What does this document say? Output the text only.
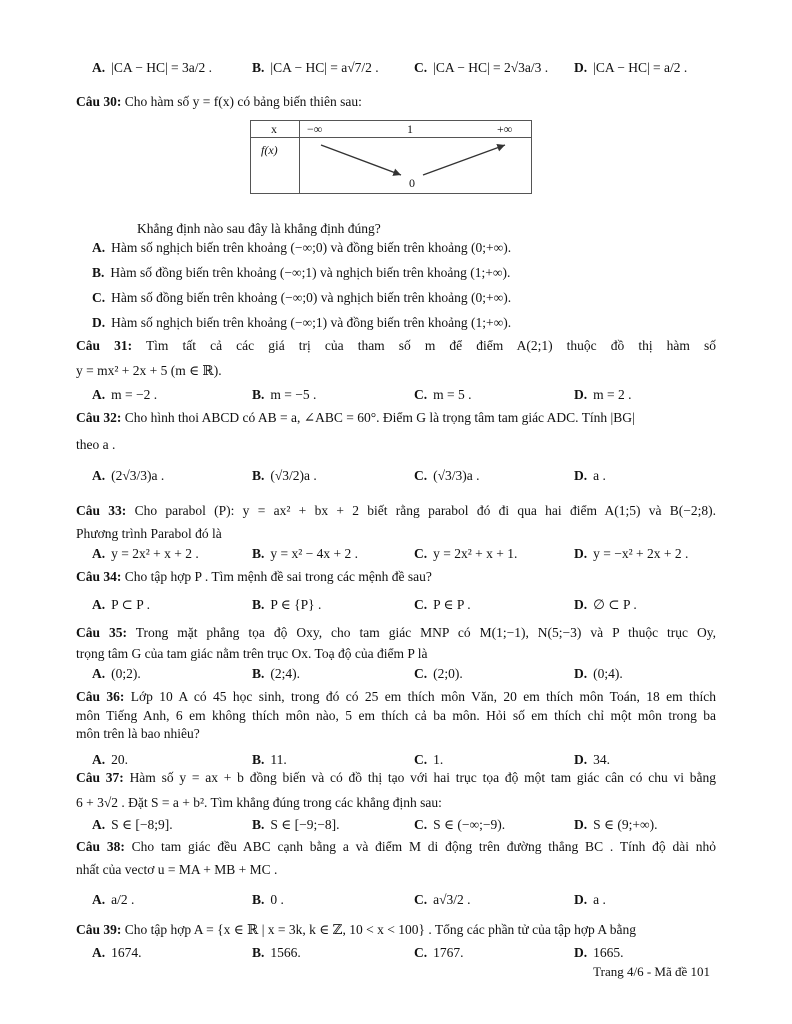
A. |CA − HC| = 3a/2 .	B. |CA − HC| = a√7/2 .	C. |CA − HC| = 2√3a/3 . D. |CA − HC| = a/2 .
Câu 30: Cho hàm số y = f(x) có bảng biến thiên sau:
x	−∞	1	+∞
f(x)
0
Khẳng định nào sau đây là khẳng định đúng?
A. Hàm số nghịch biến trên khoảng (−∞;0) và đồng biến trên khoảng (0;+∞).
B. Hàm số đồng biến trên khoảng (−∞;1) và nghịch biến trên khoảng (1;+∞).
C. Hàm số đồng biến trên khoảng (−∞;0) và nghịch biến trên khoảng (0;+∞).
D. Hàm số nghịch biến trên khoảng (−∞;1) và đồng biến trên khoảng (1;+∞).
Câu 31: Tìm tất cả các giá trị của tham số m để điểm A(2;1) thuộc đồ thị hàm số
y = mx² + 2x + 5 (m ∈ ℝ).
A. m = −2 .	B. m = −5 .	C. m = 5 .	D. m = 2 .
Câu 32: Cho hình thoi ABCD có AB = a, ∠ABC = 60°. Điểm G là trọng tâm tam giác ADC. Tính |BG|
theo a .
A. (2√3/3)a .	B. (√3/2)a .	C. (√3/3)a .	D. a .
Câu 33: Cho parabol (P): y = ax² + bx + 2 biết rằng parabol đó đi qua hai điểm A(1;5) và B(−2;8).
Phương trình Parabol đó là
A. y = 2x² + x + 2 .	B. y = x² − 4x + 2 .	C. y = 2x² + x + 1.	D. y = −x² + 2x + 2 .
Câu 34: Cho tập hợp P . Tìm mệnh đề sai trong các mệnh đề sau?
A. P ⊂ P .	B. P ∈ {P} .	C. P ∈ P .	D. ∅ ⊂ P .
Câu 35: Trong mặt phẳng tọa độ Oxy, cho tam giác MNP có M(1;−1), N(5;−3) và P thuộc trục Oy,
trọng tâm G của tam giác nằm trên trục Ox. Toạ độ của điểm P là
A. (0;2).	B. (2;4).	C. (2;0).	D. (0;4).
Câu 36: Lớp 10 A có 45 học sinh, trong đó có 25 em thích môn Văn, 20 em thích môn Toán, 18 em thích
môn Tiếng Anh, 6 em không thích môn nào, 5 em thích cả ba môn. Hỏi số em thích chỉ một môn trong ba
môn trên là bao nhiêu?
A. 20.	B. 11.	C. 1.	D. 34.
Câu 37: Hàm số y = ax + b đồng biến và có đồ thị tạo với hai trục tọa độ một tam giác cân có chu vi bằng
6 + 3√2 . Đặt S = a + b². Tìm khẳng đúng trong các khẳng định sau:
A. S ∈ [−8;9].	B. S ∈ [−9;−8].	C. S ∈ (−∞;−9).	D. S ∈ (9;+∞).
Câu 38: Cho tam giác đều ABC cạnh bằng a và điểm M di động trên đường thẳng BC . Tính độ dài nhỏ
nhất của vectơ u = MA + MB + MC .
A. a/2 .	B. 0 .	C. a√3/2 .	D. a .
Câu 39: Cho tập hợp A = {x ∈ ℝ | x = 3k, k ∈ ℤ, 10 < x < 100} . Tổng các phần tử của tập hợp A bằng
A. 1674.	B. 1566.	C. 1767.	D. 1665.
Trang 4/6 - Mã đề 101
